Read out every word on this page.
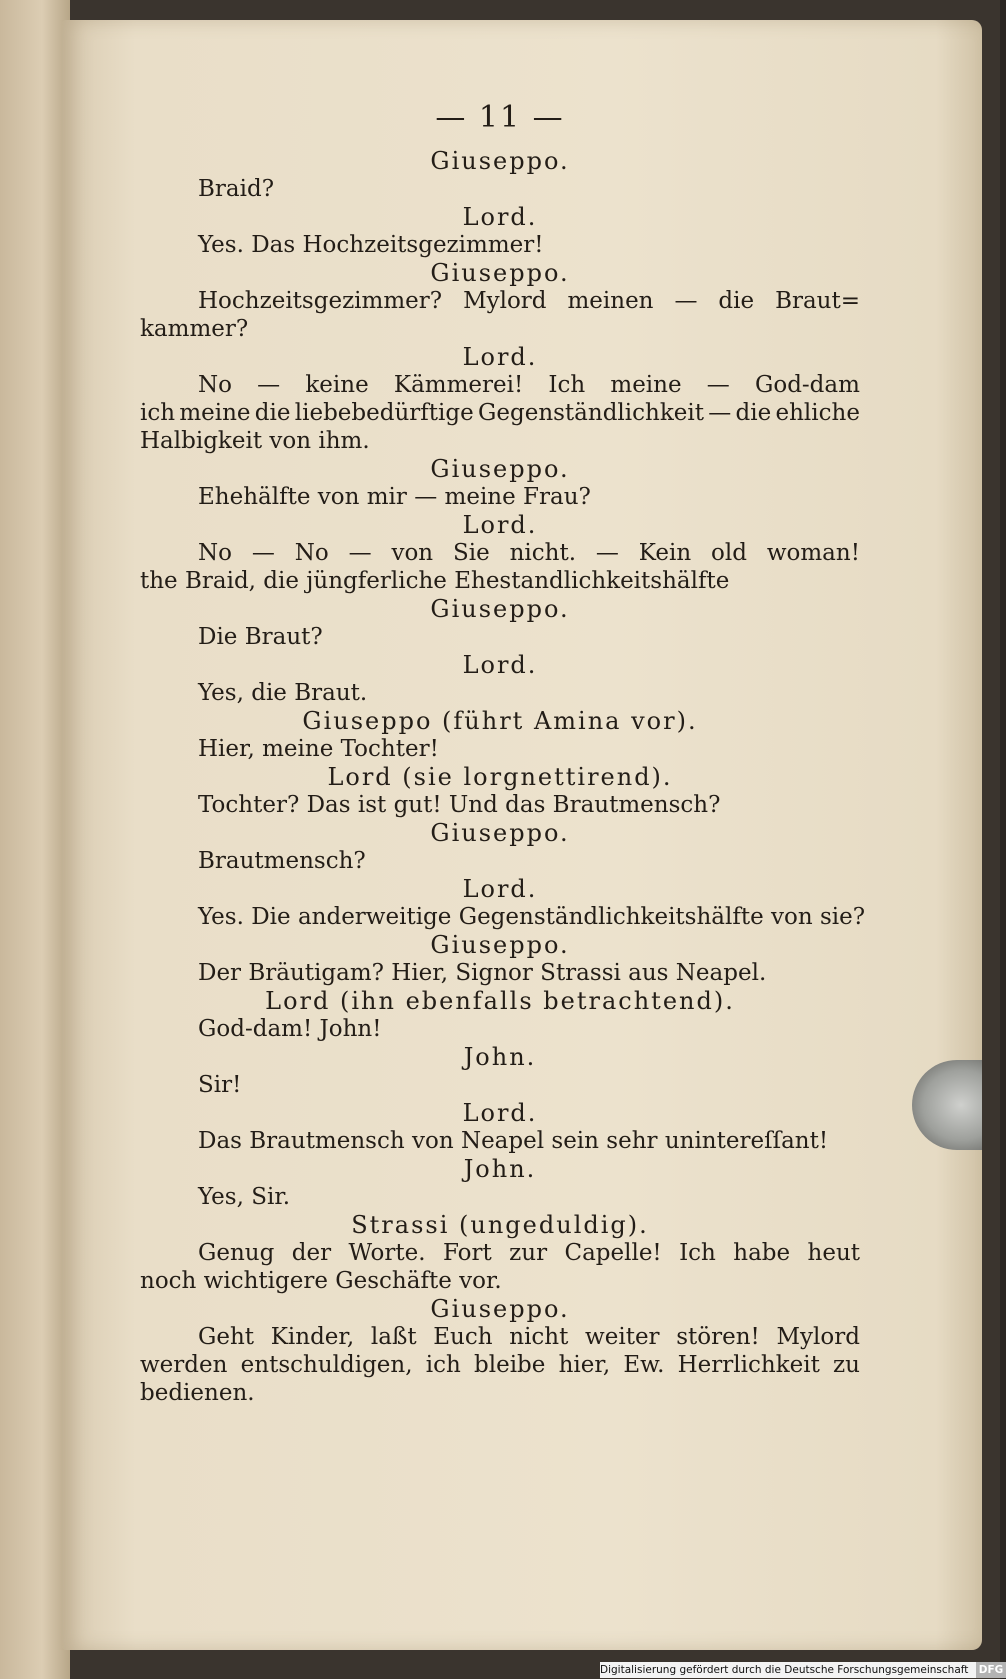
— 11 —
Giuseppo.
Braid?
Lord.
Yes. Das Hochzeitsgezimmer!
Giuseppo.
Hochzeitsgezimmer? Mylord meinen — die Braut=
kammer?
Lord.
No — keine Kämmerei! Ich meine — God-dam
ich meine die liebebedürftige Gegenständlichkeit — die ehliche
Halbigkeit von ihm.
Giuseppo.
Ehehälfte von mir — meine Frau?
Lord.
No — No — von Sie nicht. — Kein old woman!
the Braid, die jüngferliche Ehestandlichkeitshälfte
Giuseppo.
Die Braut?
Lord.
Yes, die Braut.
Giuseppo (führt Amina vor).
Hier, meine Tochter!
Lord (sie lorgnettirend).
Tochter? Das ist gut! Und das Brautmensch?
Giuseppo.
Brautmensch?
Lord.
Yes. Die anderweitige Gegenständlichkeitshälfte von sie?
Giuseppo.
Der Bräutigam? Hier, Signor Strassi aus Neapel.
Lord (ihn ebenfalls betrachtend).
God-dam! John!
John.
Sir!
Lord.
Das Brautmensch von Neapel sein sehr unintereſſant!
John.
Yes, Sir.
Strassi (ungeduldig).
Genug der Worte. Fort zur Capelle! Ich habe heut
noch wichtigere Geschäfte vor.
Giuseppo.
Geht Kinder, laßt Euch nicht weiter stören! Mylord
werden entschuldigen, ich bleibe hier, Ew. Herrlichkeit zu
bedienen.
Digitalisierung gefördert durch die Deutsche Forschungsgemeinschaft DFG
